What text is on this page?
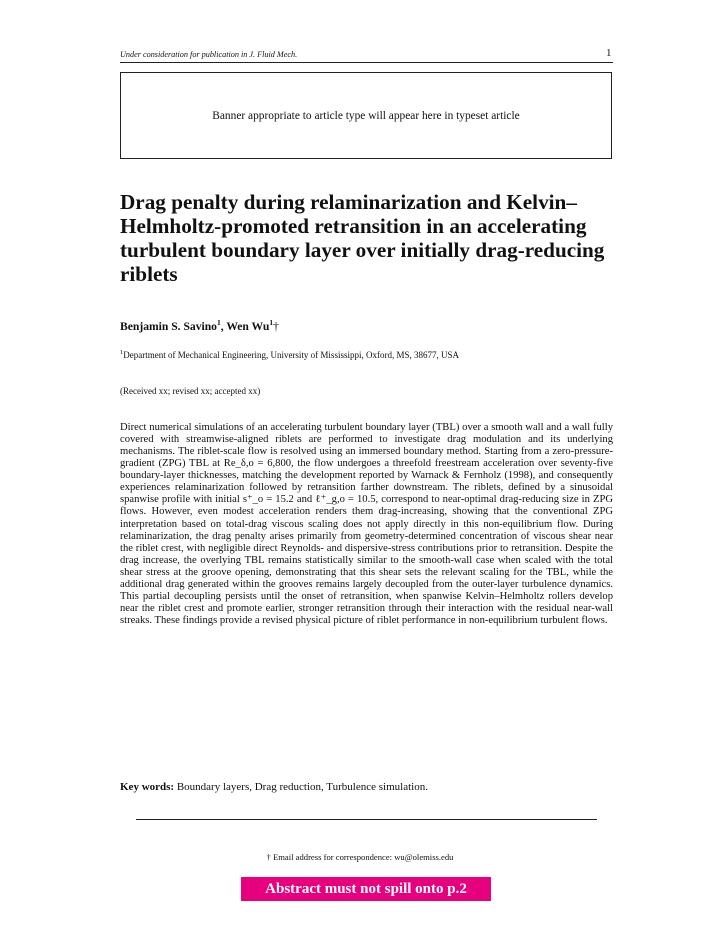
Under consideration for publication in J. Fluid Mech.	1
Banner appropriate to article type will appear here in typeset article
Drag penalty during relaminarization and Kelvin–Helmholtz-promoted retransition in an accelerating turbulent boundary layer over initially drag-reducing riblets
Benjamin S. Savino$^1$, Wen Wu$^1$†
$^1$Department of Mechanical Engineering, University of Mississippi, Oxford, MS, 38677, USA
(Received xx; revised xx; accepted xx)

Direct numerical simulations of an accelerating turbulent boundary layer (TBL) over a smooth wall and a wall fully covered with streamwise-aligned riblets are performed to investigate drag modulation and its underlying mechanisms. The riblet-scale flow is resolved using an immersed boundary method. Starting from a zero-pressure-gradient (ZPG) TBL at Re_δ,o = 6,800, the flow undergoes a threefold freestream acceleration over seventy-five boundary-layer thicknesses, matching the development reported by Warnack & Fernholz (1998), and consequently experiences relaminarization followed by retransition farther downstream. The riblets, defined by a sinusoidal spanwise profile with initial s⁺_o = 15.2 and ℓ⁺_g,o = 10.5, correspond to near-optimal drag-reducing size in ZPG flows. However, even modest acceleration renders them drag-increasing, showing that the conventional ZPG interpretation based on total-drag viscous scaling does not apply directly in this non-equilibrium flow. During relaminarization, the drag penalty arises primarily from geometry-determined concentration of viscous shear near the riblet crest, with negligible direct Reynolds- and dispersive-stress contributions prior to retransition. Despite the drag increase, the overlying TBL remains statistically similar to the smooth-wall case when scaled with the total shear stress at the groove opening, demonstrating that this shear sets the relevant scaling for the TBL, while the additional drag generated within the grooves remains largely decoupled from the outer-layer turbulence dynamics. This partial decoupling persists until the onset of retransition, when spanwise Kelvin–Helmholtz rollers develop near the riblet crest and promote earlier, stronger retransition through their interaction with the residual near-wall streaks. These findings provide a revised physical picture of riblet performance in non-equilibrium turbulent flows.

Key words: Boundary layers, Drag reduction, Turbulence simulation.
† Email address for correspondence: wu@olemiss.edu
Abstract must not spill onto p.2
